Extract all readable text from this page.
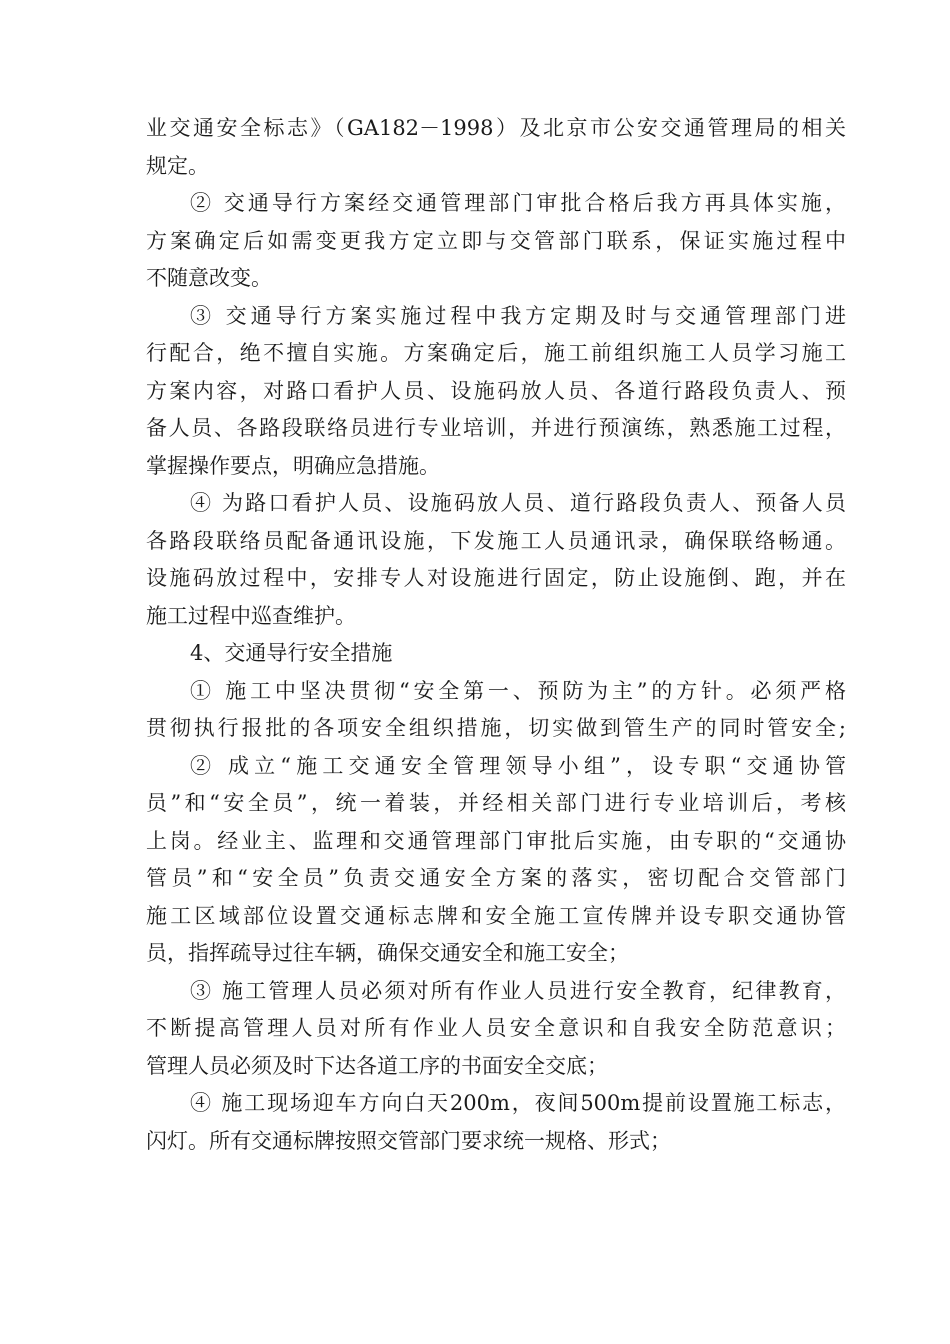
业交通安全标志》（GA182－1998）及北京市公安交通管理局的相关
规定。
② 交通导行方案经交通管理部门审批合格后我方再具体实施，
方案确定后如需变更我方定立即与交管部门联系，保证实施过程中
不随意改变。
③ 交通导行方案实施过程中我方定期及时与交通管理部门进
行配合，绝不擅自实施。方案确定后，施工前组织施工人员学习施工
方案内容，对路口看护人员、设施码放人员、各道行路段负责人、预
备人员、各路段联络员进行专业培训，并进行预演练，熟悉施工过程，
掌握操作要点，明确应急措施。
④ 为路口看护人员、设施码放人员、道行路段负责人、预备人员
各路段联络员配备通讯设施，下发施工人员通讯录，确保联络畅通。
设施码放过程中，安排专人对设施进行固定，防止设施倒、跑，并在
施工过程中巡查维护。
4、交通导行安全措施
① 施工中坚决贯彻“安全第一、预防为主”的方针。必须严格
贯彻执行报批的各项安全组织措施，切实做到管生产的同时管安全;
② 成立“施工交通安全管理领导小组”，设专职“交通协管
员”和“安全员”，统一着装，并经相关部门进行专业培训后，考核
上岗。经业主、监理和交通管理部门审批后实施，由专职的“交通协
管员”和“安全员”负责交通安全方案的落实，密切配合交管部门
施工区域部位设置交通标志牌和安全施工宣传牌并设专职交通协管
员，指挥疏导过往车辆，确保交通安全和施工安全；
③ 施工管理人员必须对所有作业人员进行安全教育，纪律教育，
不断提高管理人员对所有作业人员安全意识和自我安全防范意识；
管理人员必须及时下达各道工序的书面安全交底；
④ 施工现场迎车方向白天200m，夜间500m提前设置施工标志，
闪灯。所有交通标牌按照交管部门要求统一规格、形式；
